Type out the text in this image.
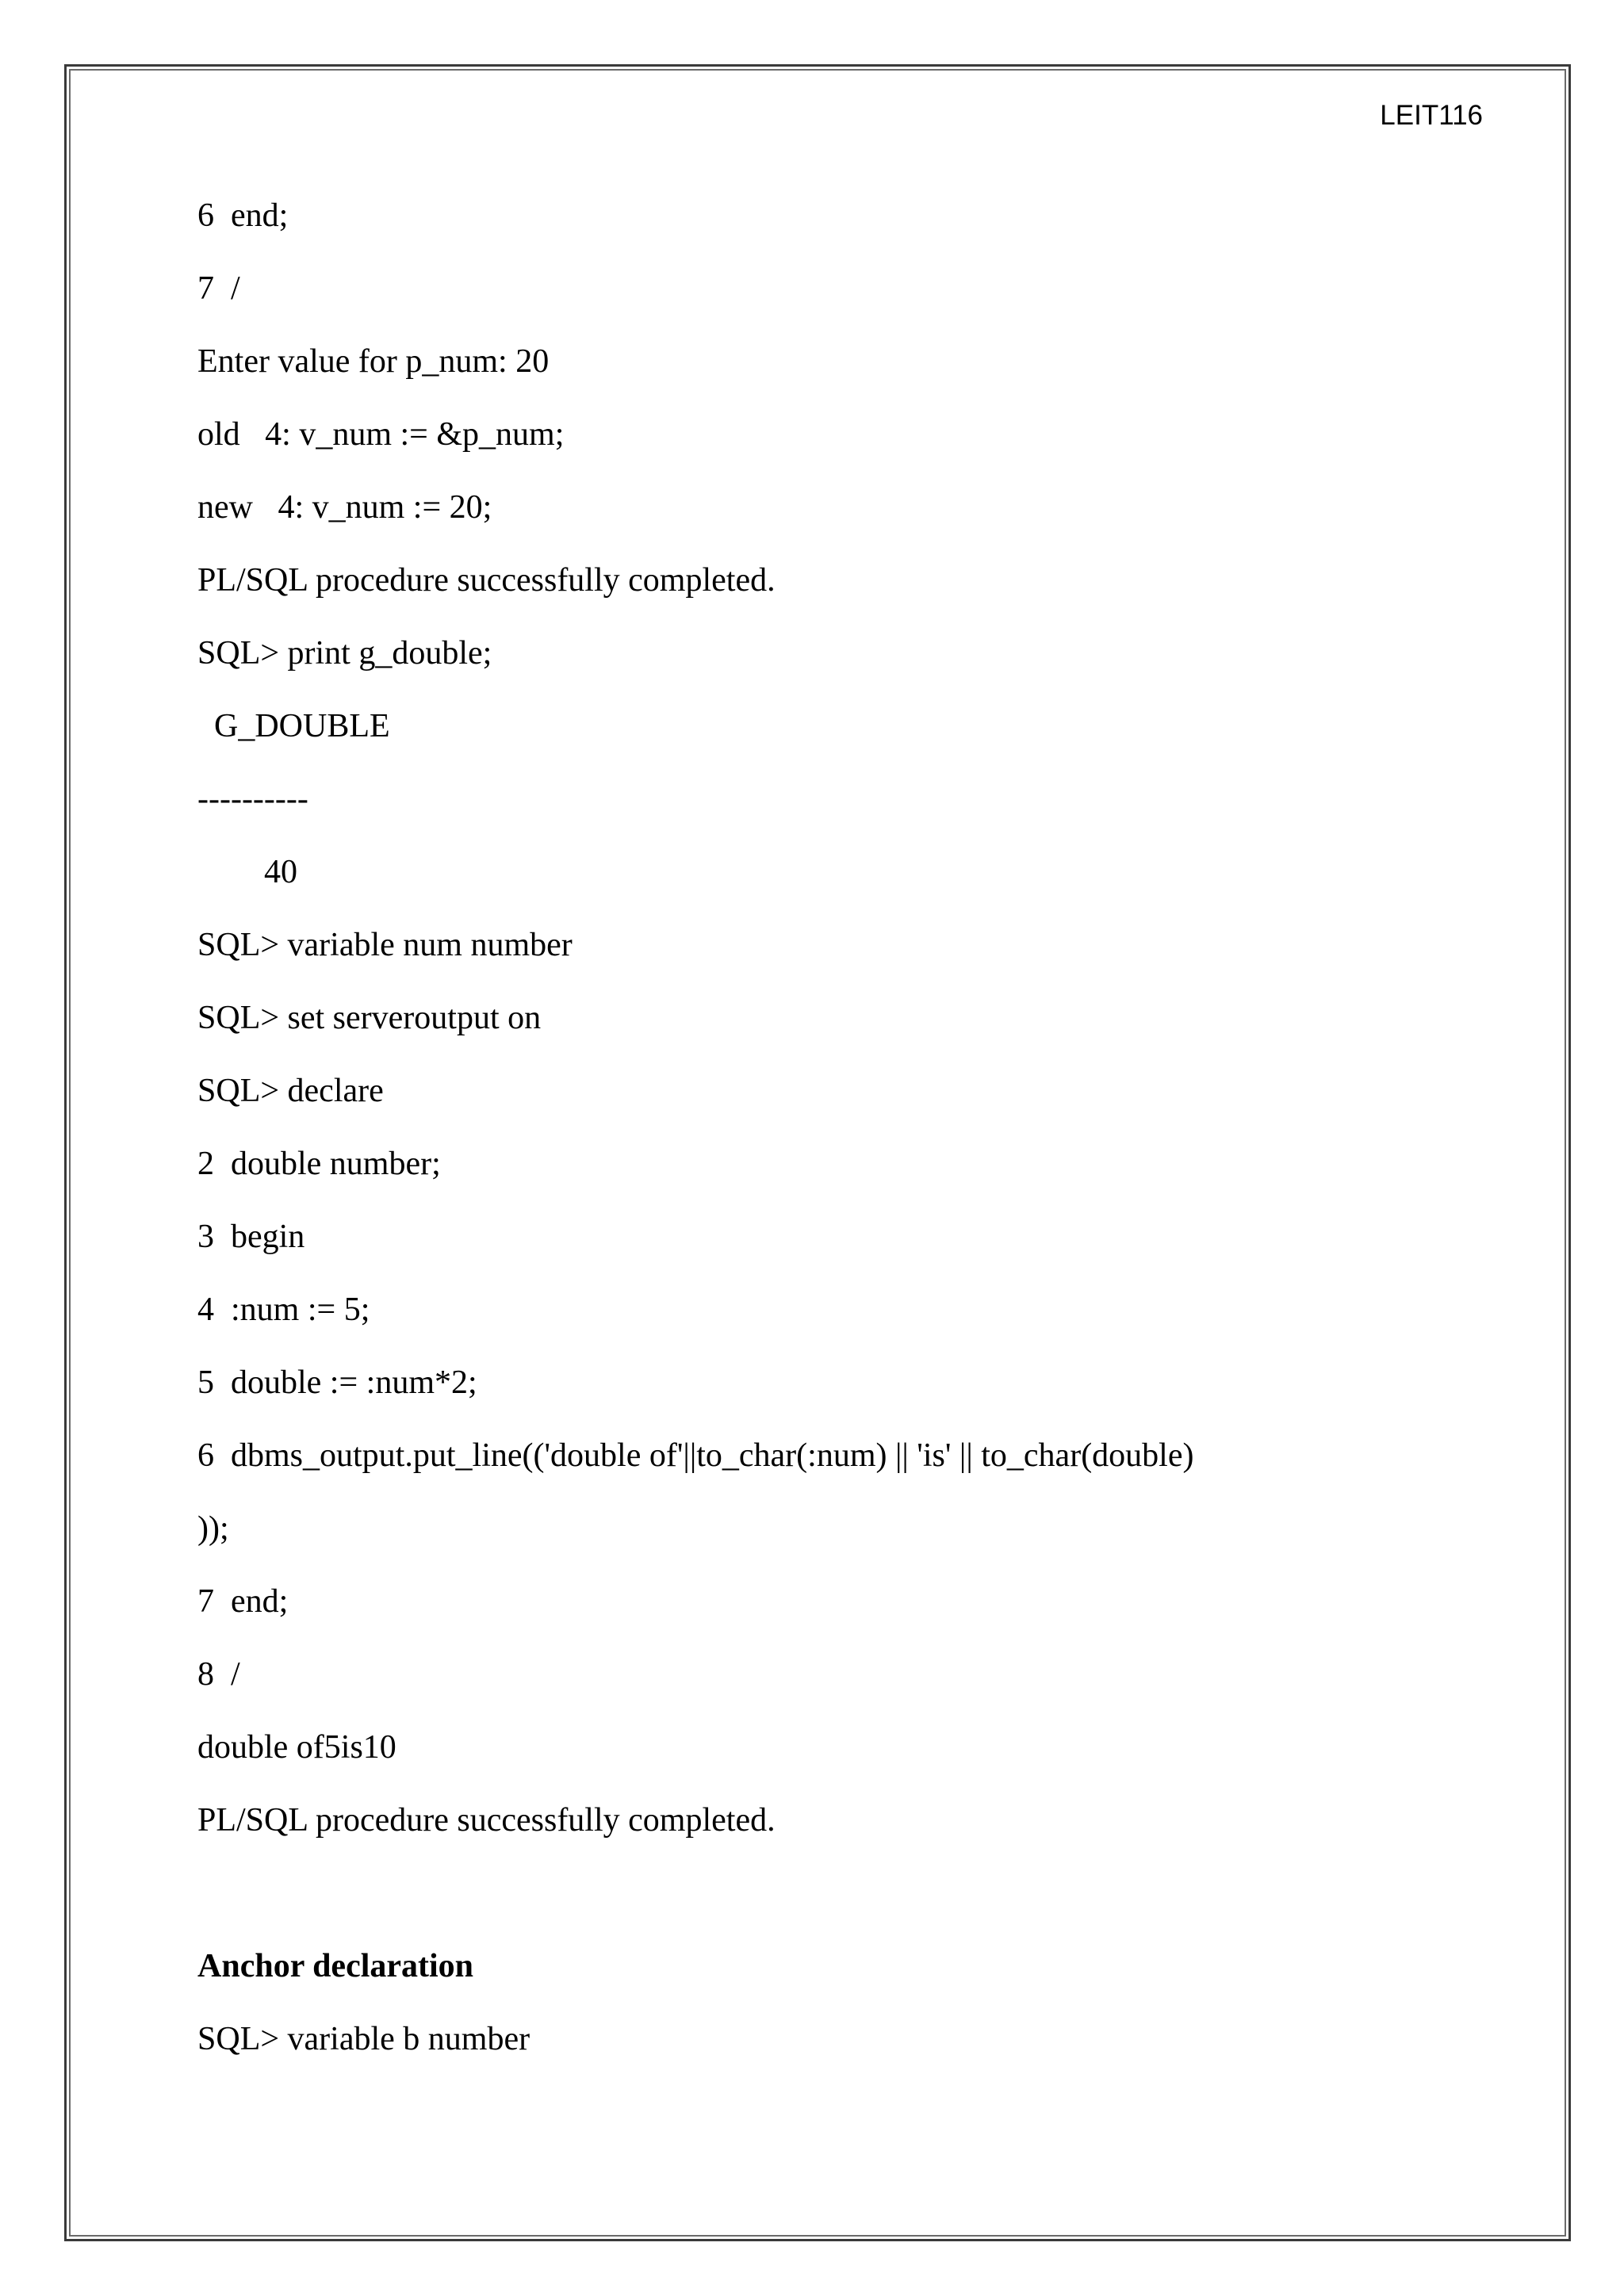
LEIT116
6  end;
7  /
Enter value for p_num: 20
old   4: v_num := &p_num;
new   4: v_num := 20;
PL/SQL procedure successfully completed.
SQL> print g_double;
G_DOUBLE
----------
40
SQL> variable num number
SQL> set serveroutput on
SQL> declare
2  double number;
3  begin
4  :num := 5;
5  double := :num*2;
6  dbms_output.put_line(('double of'||to_char(:num) || 'is' || to_char(double)
));
7  end;
8  /
double of5is10
PL/SQL procedure successfully completed.
Anchor declaration
SQL> variable b number
